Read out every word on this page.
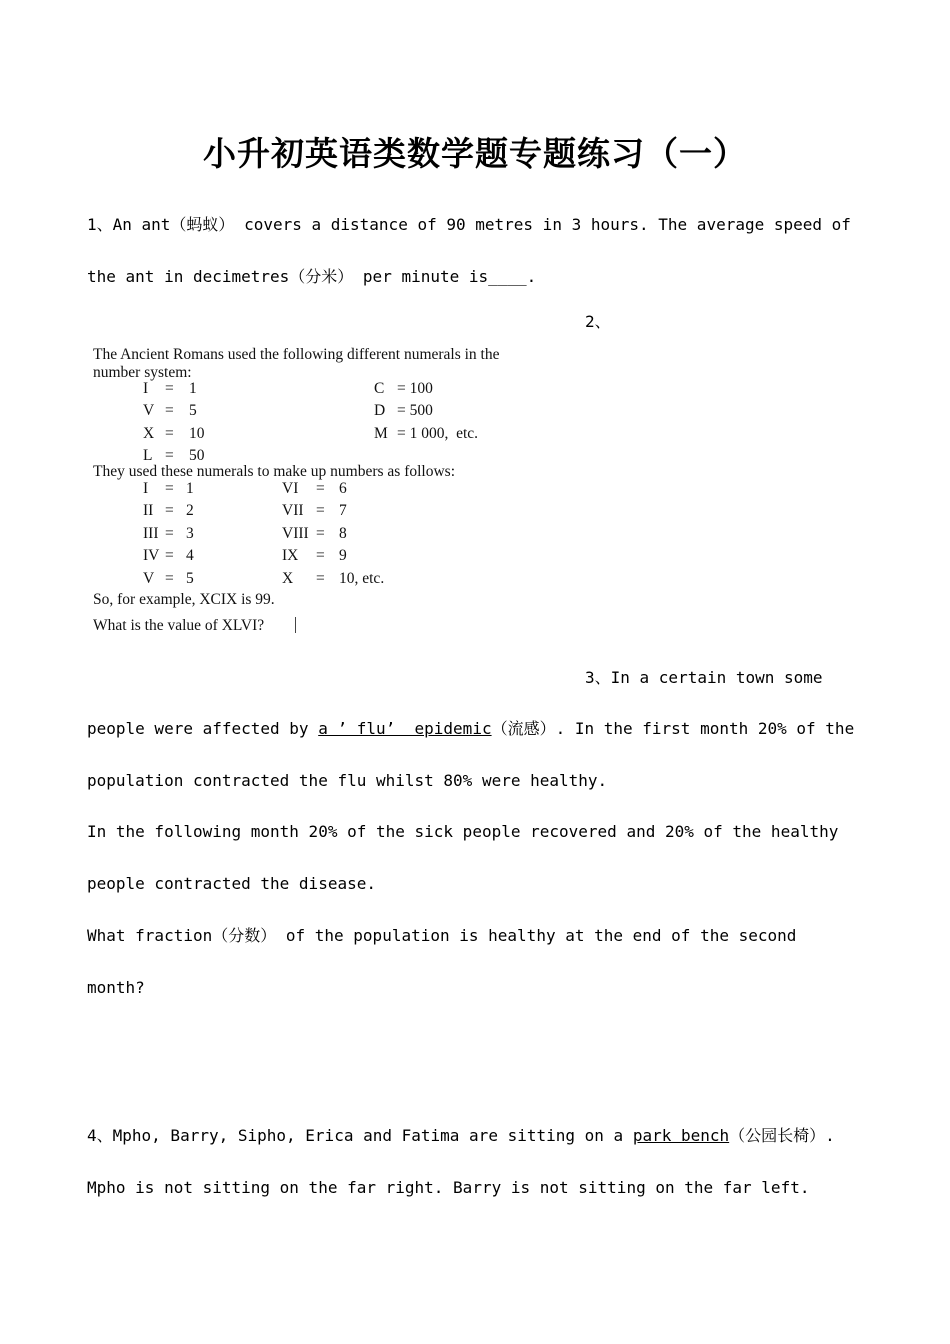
小升初英语类数学题专题练习（一）
1、An ant（蚂蚁） covers a distance of 90 metres in 3 hours. The average speed of
the ant in decimetres（分米） per minute is____.
2、
The Ancient Romans used the following different numerals in the
number system:
I = 1	C = 100
V = 5	D = 500
X = 10	M = 1 000,  etc.
L = 50
They used these numerals to make up numbers as follows:
I = 1	VI = 6
II = 2	VII = 7
III = 3	VIII = 8
IV = 4	IX = 9
V = 5	X = 10, etc.
So, for example, XCIX is 99.
What is the value of XLVI?
3、In a certain town some
people were affected by a ’ flu’  epidemic（流感）. In the first month 20% of the
population contracted the flu whilst 80% were healthy.
In the following month 20% of the sick people recovered and 20% of the healthy
people contracted the disease.
What fraction（分数） of the population is healthy at the end of the second
month?
4、Mpho, Barry, Sipho, Erica and Fatima are sitting on a park bench（公园长椅）.
Mpho is not sitting on the far right. Barry is not sitting on the far left.
